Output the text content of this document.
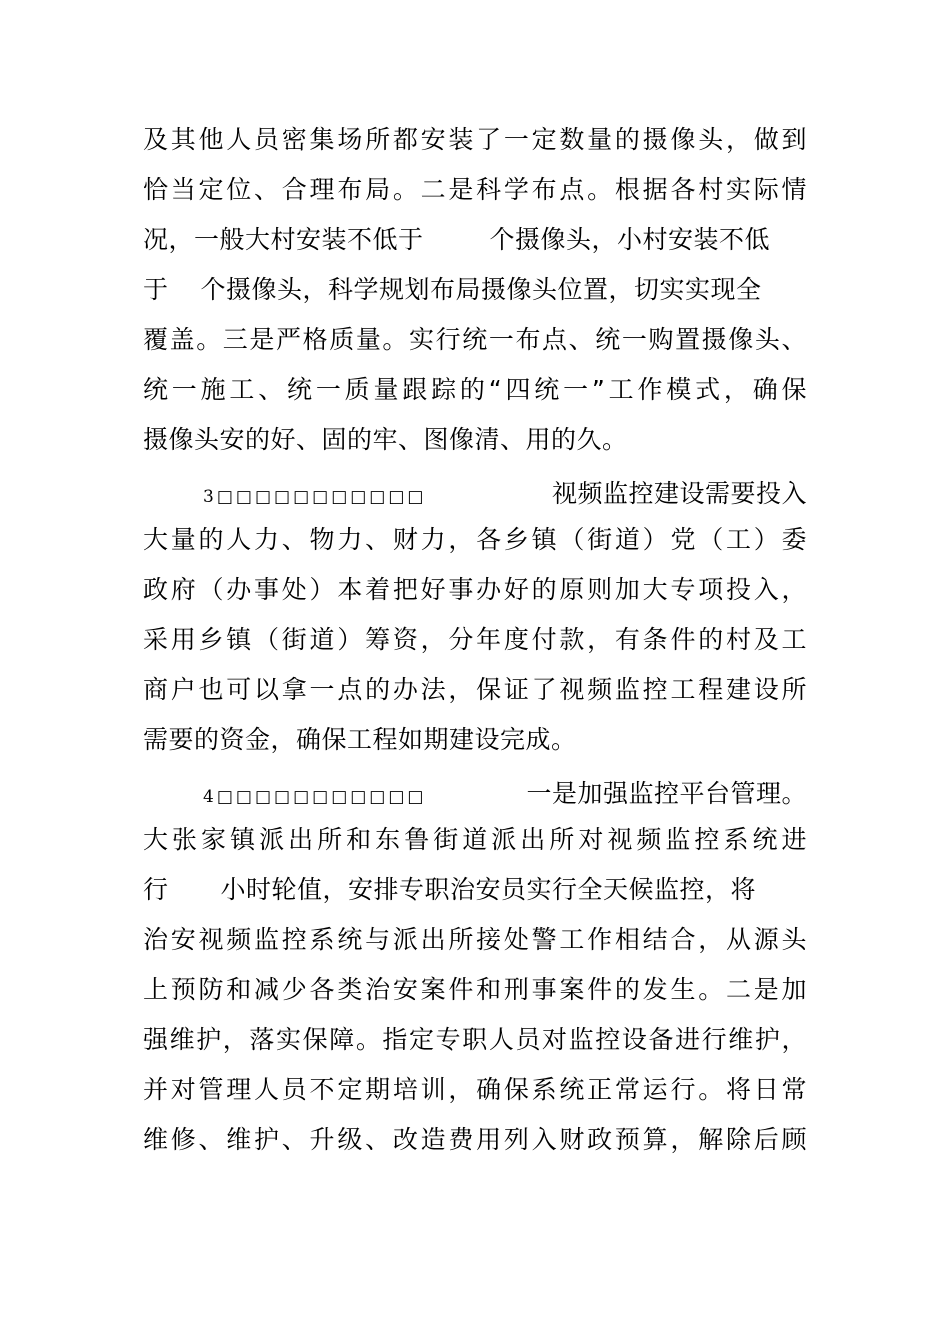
及其他人员密集场所都安装了一定数量的摄像头，做到
恰当定位、合理布局。二是科学布点。根据各村实际情
况，一般大村安装不低于	个摄像头，小村安装不低
于 个摄像头，科学规划布局摄像头位置，切实实现全
覆盖。三是严格质量。实行统一布点、统一购置摄像头、
统一施工、统一质量跟踪的“四统一”工作模式，确保
摄像头安的好、固的牢、图像清、用的久。
3□□□□□□□□□□□	视频监控建设需要投入
大量的人力、物力、财力，各乡镇（街道）党（工）委
政府（办事处）本着把好事办好的原则加大专项投入，
采用乡镇（街道）筹资，分年度付款，有条件的村及工
商户也可以拿一点的办法，保证了视频监控工程建设所
需要的资金，确保工程如期建设完成。
4□□□□□□□□□□□	一是加强监控平台管理。
大张家镇派出所和东鲁街道派出所对视频监控系统进
行 小时轮值，安排专职治安员实行全天候监控，将
治安视频监控系统与派出所接处警工作相结合，从源头
上预防和减少各类治安案件和刑事案件的发生。二是加
强维护，落实保障。指定专职人员对监控设备进行维护，
并对管理人员不定期培训，确保系统正常运行。将日常
维修、维护、升级、改造费用列入财政预算，解除后顾
